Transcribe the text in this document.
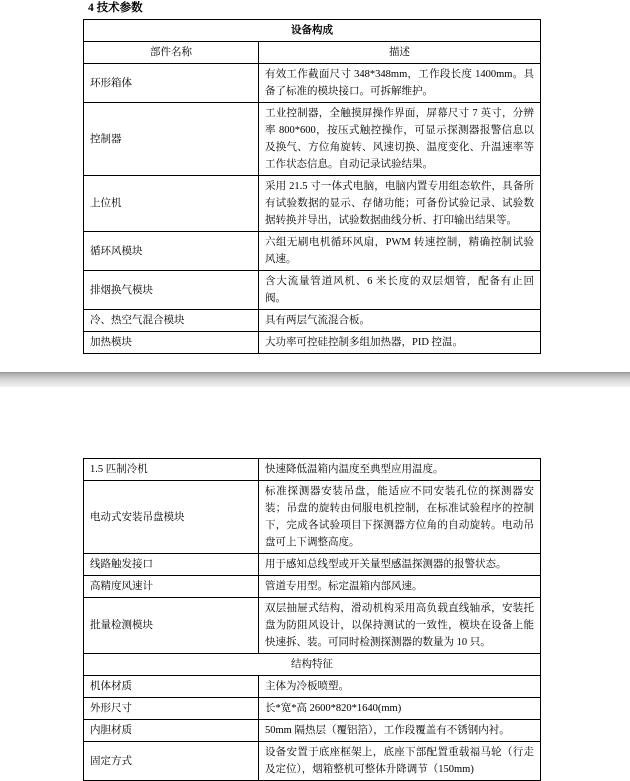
4 技术参数
设备构成	
部件名称	描述
环形箱体	有效工作截面尺寸 348*348mm，工作段长度 1400mm。具备了标准的模块接口。可拆解维护。
控制器	工业控制器，全触摸屏操作界面，屏幕尺寸 7 英寸，分辨率 800*600，按压式触控操作，可显示探测器报警信息以及换气、方位角旋转、风速切换、温度变化、升温速率等工作状态信息。自动记录试验结果。
上位机	采用 21.5 寸一体式电脑，电脑内置专用组态软件，具备所有试验数据的显示、存储功能；可备份试验记录、试验数据转换并导出，试验数据曲线分析、打印输出结果等。
循环风模块	六组无刷电机循环风扇，PWM 转速控制，精确控制试验风速。
排烟换气模块	含大流量管道风机、6 米长度的双层烟管，配备有止回阀。
冷、热空气混合模块	具有两层气流混合板。
加热模块	大功率可控硅控制多组加热器，PID 控温。
1.5 匹制冷机	快速降低温箱内温度至典型应用温度。
电动式安装吊盘模块	标准探测器安装吊盘，能适应不同安装孔位的探测器安装；吊盘的旋转由伺服电机控制，在标准试验程序的控制下，完成各试验项目下探测器方位角的自动旋转。电动吊盘可上下调整高度。
线路触发接口	用于感知总线型或开关量型感温探测器的报警状态。
高精度风速计	管道专用型。标定温箱内部风速。
批量检测模块	双层抽屉式结构，滑动机构采用高负载直线轴承，安装托盘为防阻风设计，以保持测试的一致性，模块在设备上能快速拆、装。可同时检测探测器的数量为 10 只。
结构特征	
机体材质	主体为冷板喷塑。
外形尺寸	长*宽*高 2600*820*1640(mm)
内胆材质	50mm 隔热层（覆铝箔），工作段覆盖有不锈钢内衬。
固定方式	设备安置于底座框架上，底座下部配置重载福马轮（行走及定位），烟箱整机可整体升降调节（150mm)
